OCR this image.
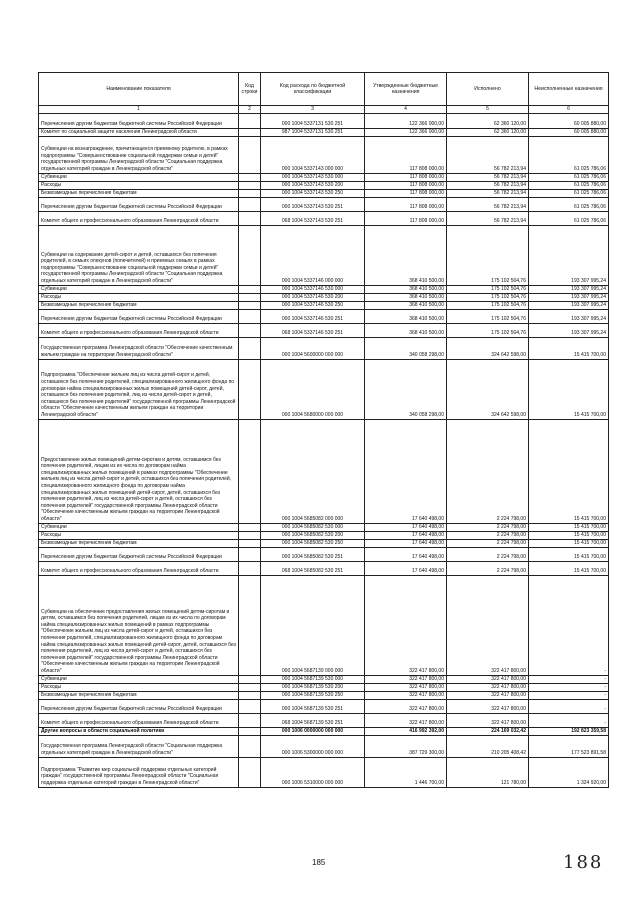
Наименование показателя	Код строки	Код расхода по бюджетной классификации	Утвержденные бюджетные назначения	Исполнено	Неисполненные назначения
1	2	3	4	5	6
Перечисления другим бюджетам бюджетной системы Российской Федерации		000 1004 5337131 530 251	122 366 000,00	62 360 120,00	60 005 880,00
Комитет по социальной защите населения Ленинградской области		987 1004 5337131 530 251	122 366 000,00	62 360 120,00	60 005 880,00
Субвенции на вознаграждение, причитающееся приемному родителю, в рамках подпрограммы "Совершенствование социальной поддержки семьи и детей" государственной программы Ленинградской области "Социальная поддержка отдельных категорий граждан в Ленинградской области"		000 1004 5337143 000 000	117 808 000,00	56 782 213,94	61 025 786,06
Субвенции		000 1004 5337143 530 000	117 808 000,00	56 782 213,94	61 025 786,06
Расходы		000 1004 5337143 530 200	117 808 000,00	56 782 213,94	61 025 786,06
Безвозмездные перечисления бюджетам		000 1004 5337143 530 250	117 808 000,00	56 782 213,94	61 025 786,06
Перечисления другим бюджетам бюджетной системы Российской Федерации		000 1004 5337143 530 251	117 808 000,00	56 782 213,94	61 025 786,06
Комитет общего и профессионального образования Ленинградской области		068 1004 5337143 530 251	117 808 000,00	56 782 213,94	61 025 786,06
Субвенции на содержание детей-сирот и детей, оставшихся без попечения родителей, в семьях опекунов (попечителей) и приемных семьях в рамках подпрограммы "Совершенствование социальной поддержки семьи и детей" государственной программы Ленинградской области "Социальная поддержка отдельных категорий граждан в Ленинградской области"		000 1004 5337146 000 000	368 410 500,00	175 102 504,76	193 307 995,24
Субвенции		000 1004 5337146 530 000	368 410 500,00	175 102 504,76	193 307 995,24
Расходы		000 1004 5337146 530 200	368 410 500,00	175 102 504,76	193 307 995,24
Безвозмездные перечисления бюджетам		000 1004 5337146 530 250	368 410 500,00	175 102 504,76	193 307 995,24
Перечисления другим бюджетам бюджетной системы Российской Федерации		000 1004 5337146 530 251	368 410 500,00	175 102 504,76	193 307 995,24
Комитет общего и профессионального образования Ленинградской области		068 1004 5337146 530 251	368 410 500,00	175 102 504,76	193 307 995,24
Государственная программа Ленинградской области "Обеспечение качественным жильем граждан на территории Ленинградской области"		000 1004 5600000 000 000	340 058 298,00	324 642 598,00	15 415 700,00
Подпрограмма "Обеспечение жильем лиц из числа детей-сирот и детей, оставшихся без попечения родителей, специализированного жилищного фонда по договорам найма специализированных жилых помещений детей-сирот, детей, оставшихся без попечения родителей, лиц из числа детей-сирот и детей, оставшихся без попечения родителей" государственной программы Ленинградской области "Обеспечение качественным жильем граждан на территории Ленинградской области"		000 1004 5680000 000 000	340 058 298,00	324 642 598,00	15 415 700,00
Предоставление жилых помещений детям-сиротам и детям, оставшимся без попечения родителей, лицам из их числа по договорам найма специализированных жилых помещений в рамках подпрограммы "Обеспечение жильем лиц из числа детей-сирот и детей, оставшихся без попечения родителей, специализированного жилищного фонда по договорам найма специализированных жилых помещений детей-сирот, детей, оставшихся без попечения родителей, лиц из числа детей-сирот и детей, оставшихся без попечения родителей" государственной программы Ленинградской области "Обеспечение качественным жильем граждан на территории Ленинградской области"		000 1004 5685082 000 000	17 640 498,00	2 224 798,00	15 415 700,00
Субвенции		000 1004 5685082 530 000	17 640 498,00	2 224 798,00	15 415 700,00
Расходы		000 1004 5685082 530 200	17 640 498,00	2 224 798,00	15 415 700,00
Безвозмездные перечисления бюджетам		000 1004 5685082 530 250	17 640 498,00	2 224 798,00	15 415 700,00
Перечисления другим бюджетам бюджетной системы Российской Федерации		000 1004 5685082 530 251	17 640 498,00	2 224 798,00	15 415 700,00
Комитет общего и профессионального образования Ленинградской области		068 1004 5685082 530 251	17 640 498,00	2 224 798,00	15 415 700,00
Субвенции на обеспечение предоставления жилых помещений детям-сиротам и детям, оставшимся без попечения родителей, лицам из их числа по договорам найма специализированных жилых помещений в рамках подпрограммы "Обеспечение жильем лиц из числа детей-сирот и детей, оставшихся без попечения родителей, специализированного жилищного фонда по договорам найма специализированных жилых помещений детей-сирот, детей, оставшихся без попечения родителей, лиц из числа детей-сирот и детей, оставшихся без попечения родителей" государственной программы Ленинградской области "Обеспечение качественным жильем граждан на территории Ленинградской области"		000 1004 5687139 000 000	322 417 800,00	322 417 800,00	-
Субвенции		000 1004 5687139 530 000	322 417 800,00	322 417 800,00	-
Расходы		000 1004 5687139 530 200	322 417 800,00	322 417 800,00	-
Безвозмездные перечисления бюджетам		000 1004 5687139 530 250	322 417 800,00	322 417 800,00	-
Перечисления другим бюджетам бюджетной системы Российской Федерации		000 1004 5687139 530 251	322 417 800,00	322 417 800,00	-
Комитет общего и профессионального образования Ленинградской области		068 1004 5687139 530 251	322 417 800,00	322 417 800,00	-
Другие вопросы в области социальной политики		000 1006 0000000 000 000	416 992 392,00	224 169 032,42	192 823 359,58
Государственная программа Ленинградской области "Социальная поддержка отдельных категорий граждан в Ленинградской области"		000 1006 5300000 000 000	387 729 300,00	210 205 408,42	177 523 891,58
Подпрограмма "Развитие мер социальной поддержки отдельных категорий граждан" государственной программы Ленинградской области "Социальная поддержка отдельных категорий граждан в Ленинградской области"		000 1006 5310000 000 000	1 446 700,00	121 780,00	1 324 920,00
185	188
